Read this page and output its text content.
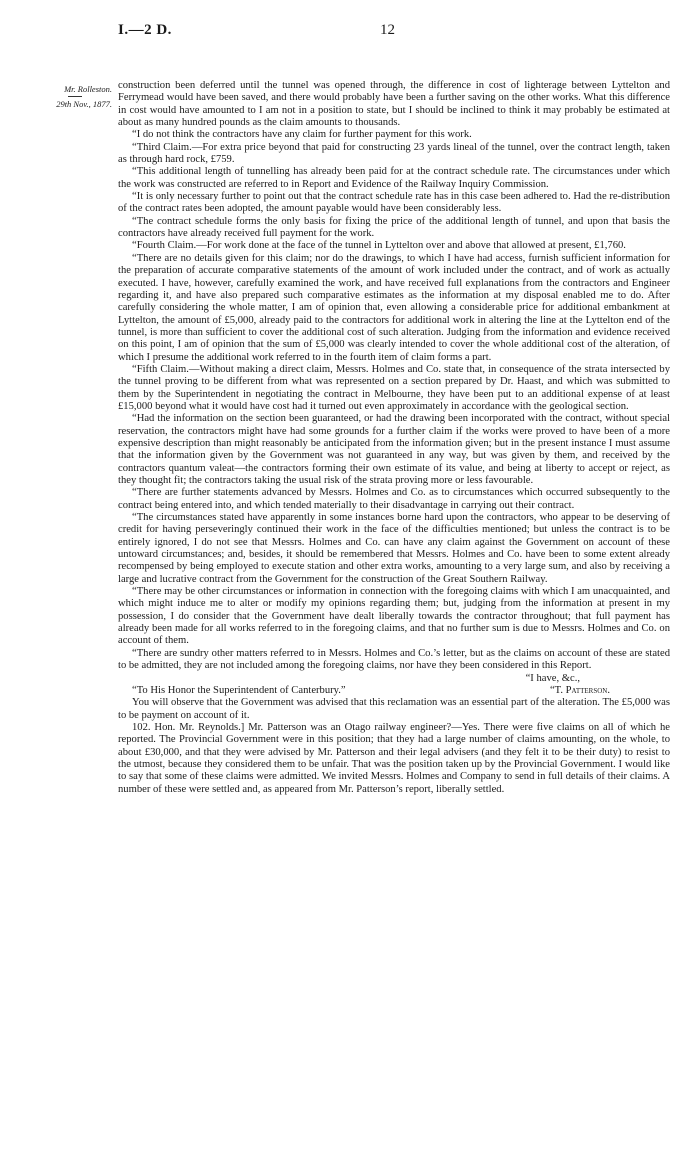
I.—2 D.	12
Mr. Rolleston.
29th Nov., 1877.

construction been deferred until the tunnel was opened through, the difference in cost of lighterage between Lyttelton and Ferrymead would have been saved, and there would probably have been a further saving on the other works. What this difference in cost would have amounted to I am not in a position to state, but I should be inclined to think it may probably be estimated at about as many hundred pounds as the claim amounts to thousands.

“I do not think the contractors have any claim for further payment for this work.

“Third Claim.—For extra price beyond that paid for constructing 23 yards lineal of the tunnel, over the contract length, taken as through hard rock, £759.

“This additional length of tunnelling has already been paid for at the contract schedule rate. The circumstances under which the work was constructed are referred to in Report and Evidence of the Railway Inquiry Commission.

“It is only necessary further to point out that the contract schedule rate has in this case been adhered to. Had the re-distribution of the contract rates been adopted, the amount payable would have been considerably less.

“The contract schedule forms the only basis for fixing the price of the additional length of tunnel, and upon that basis the contractors have already received full payment for the work.

“Fourth Claim.—For work done at the face of the tunnel in Lyttelton over and above that allowed at present, £1,760.

“There are no details given for this claim; nor do the drawings, to which I have had access, furnish sufficient information for the preparation of accurate comparative statements of the amount of work included under the contract, and of work as actually executed. I have, however, carefully examined the work, and have received full explanations from the contractors and Engineer regarding it, and have also prepared such comparative estimates as the information at my disposal enabled me to do. After carefully considering the whole matter, I am of opinion that, even allowing a considerable price for additional embankment at Lyttelton, the amount of £5,000, already paid to the contractors for additional work in altering the line at the Lyttelton end of the tunnel, is more than sufficient to cover the additional cost of such alteration. Judging from the information and evidence received on this point, I am of opinion that the sum of £5,000 was clearly intended to cover the whole additional cost of the alteration, of which I presume the additional work referred to in the fourth item of claim forms a part.

“Fifth Claim.—Without making a direct claim, Messrs. Holmes and Co. state that, in consequence of the strata intersected by the tunnel proving to be different from what was represented on a section prepared by Dr. Haast, and which was submitted to them by the Superintendent in negotiating the contract in Melbourne, they have been put to an additional expense of at least £15,000 beyond what it would have cost had it turned out even approximately in accordance with the geological section.

“Had the information on the section been guaranteed, or had the drawing been incorporated with the contract, without special reservation, the contractors might have had some grounds for a further claim if the works were proved to have been of a more expensive description than might reasonably be anticipated from the information given; but in the present instance I must assume that the information given by the Government was not guaranteed in any way, but was given by them, and received by the contractors quantum valeat—the contractors forming their own estimate of its value, and being at liberty to accept or reject, as they thought fit; the contractors taking the usual risk of the strata proving more or less favourable.

“There are further statements advanced by Messrs. Holmes and Co. as to circumstances which occurred subsequently to the contract being entered into, and which tended materially to their disadvantage in carrying out their contract.

“The circumstances stated have apparently in some instances borne hard upon the contractors, who appear to be deserving of credit for having perseveringly continued their work in the face of the difficulties mentioned; but unless the contract is to be entirely ignored, I do not see that Messrs. Holmes and Co. can have any claim against the Government on account of these untoward circumstances; and, besides, it should be remembered that Messrs. Holmes and Co. have been to some extent already recompensed by being employed to execute station and other extra works, amounting to a very large sum, and also by receiving a large and lucrative contract from the Government for the construction of the Great Southern Railway.

“There may be other circumstances or information in connection with the foregoing claims with which I am unacquainted, and which might induce me to alter or modify my opinions regarding them; but, judging from the information at present in my possession, I do consider that the Government have dealt liberally towards the contractor throughout; that full payment has already been made for all works referred to in the foregoing claims, and that no further sum is due to Messrs. Holmes and Co. on account of them.

“There are sundry other matters referred to in Messrs. Holmes and Co.’s letter, but as the claims on account of these are stated to be admitted, they are not included among the foregoing claims, nor have they been considered in this Report.

“I have, &c.,
“To His Honor the Superintendent of Canterbury.”	“T. Patterson.

You will observe that the Government was advised that this reclamation was an essential part of the alteration. The £5,000 was to be payment on account of it.

102. Hon. Mr. Reynolds.] Mr. Patterson was an Otago railway engineer?—Yes. There were five claims on all of which he reported. The Provincial Government were in this position; that they had a large number of claims amounting, on the whole, to about £30,000, and that they were advised by Mr. Patterson and their legal advisers (and they felt it to be their duty) to resist to the utmost, because they considered them to be unfair. That was the position taken up by the Provincial Government. I would like to say that some of these claims were admitted. We invited Messrs. Holmes and Company to send in full details of their claims. A number of these were settled and, as appeared from Mr. Patterson’s report, liberally settled.
